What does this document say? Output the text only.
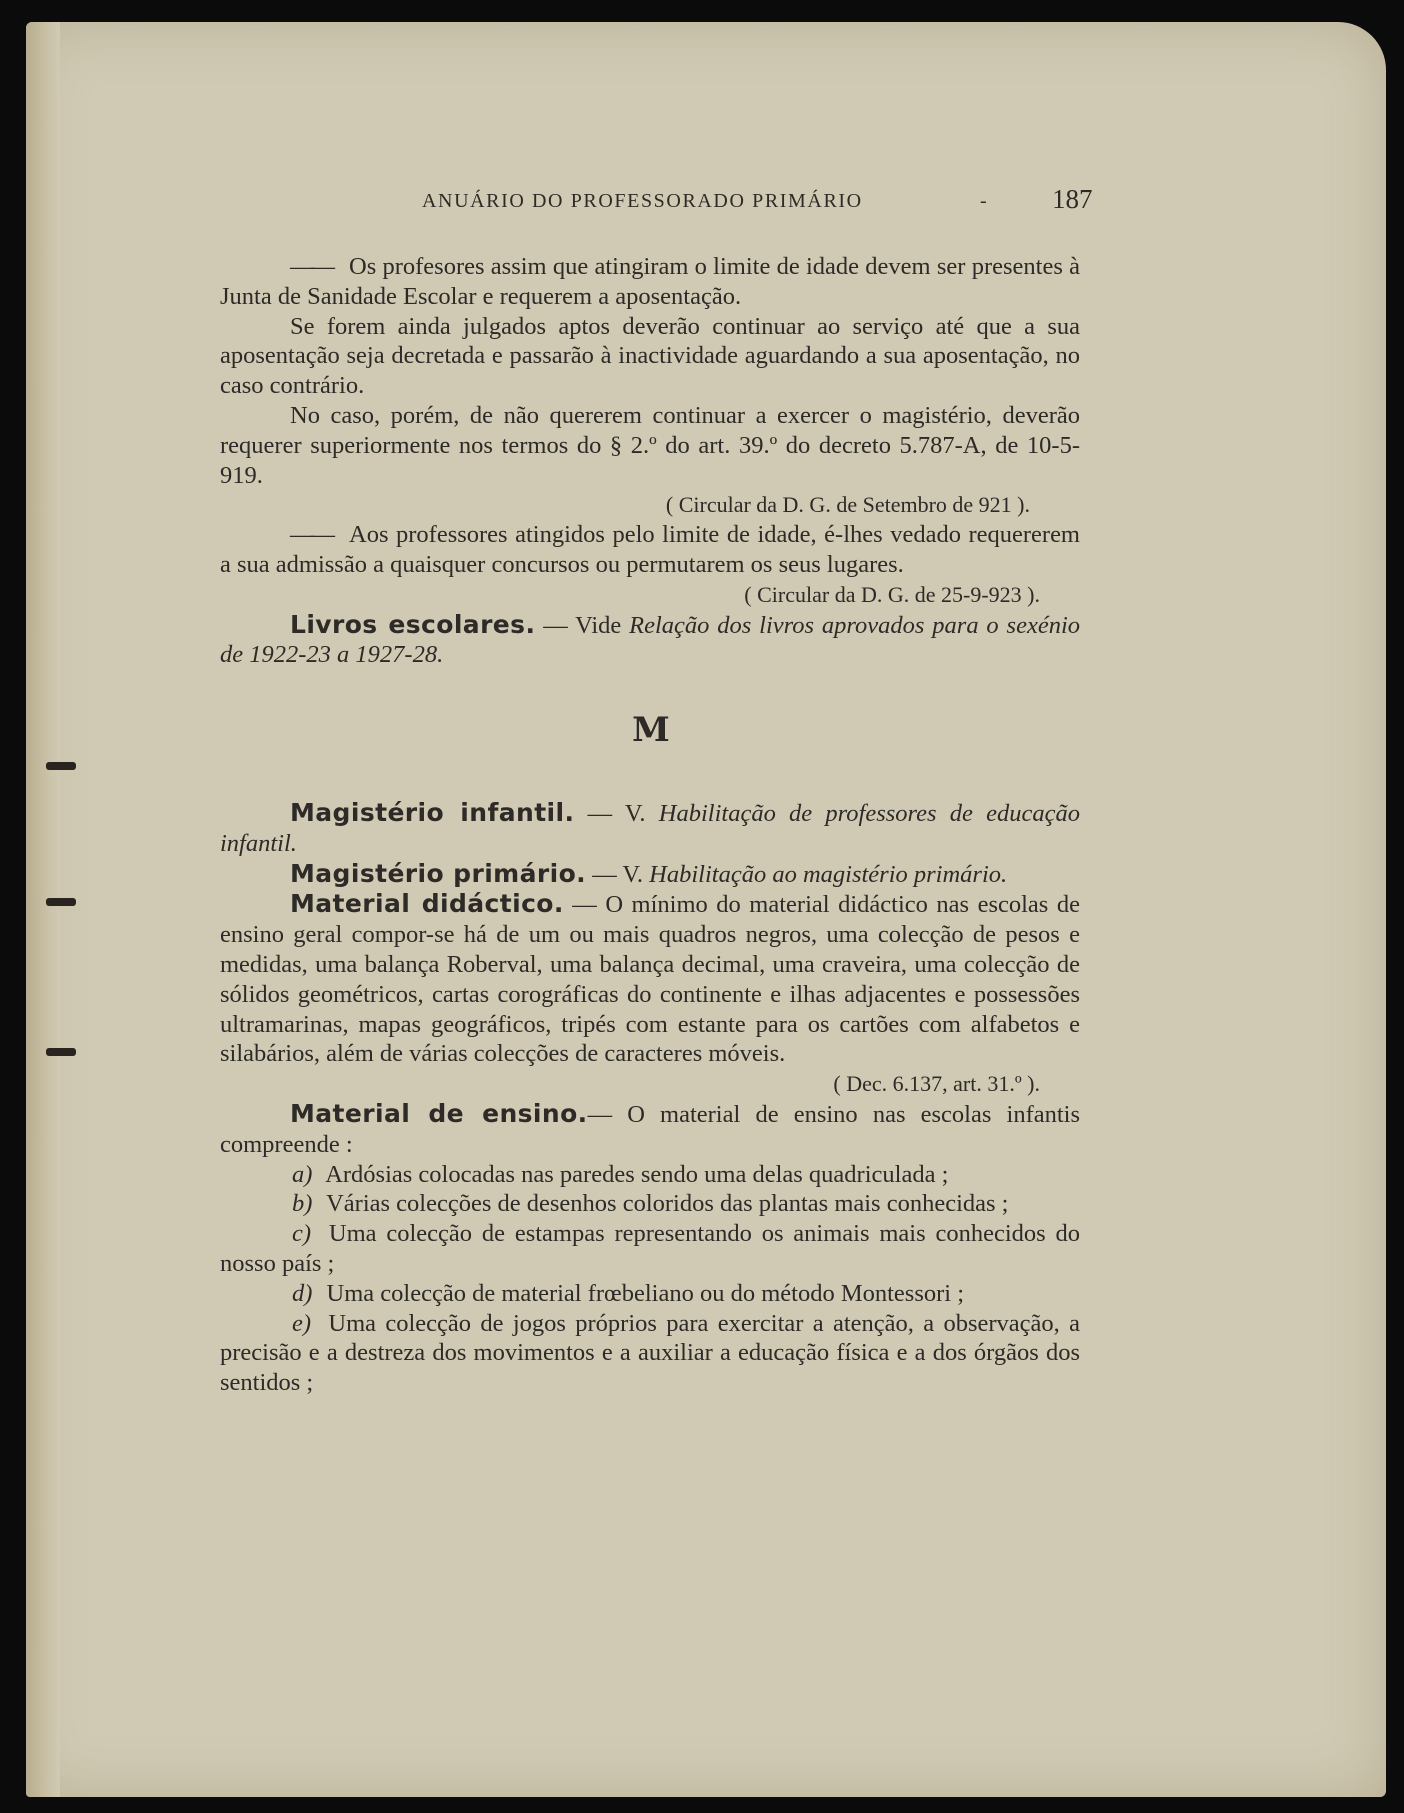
ANUÁRIO DO PROFESSORADO PRIMÁRIO	- 187

—— Os profesores assim que atingiram o limite de idade devem ser presentes à Junta de Sanidade Escolar e requerem a aposentação.

Se forem ainda julgados aptos deverão continuar ao serviço até que a sua aposentação seja decretada e passarão à inactividade aguardando a sua aposentação, no caso contrário.

No caso, porém, de não quererem continuar a exercer o magistério, deverão requerer superiormente nos termos do § 2.º do art. 39.º do decreto 5.787-A, de 10-5-919.

( Circular da D. G. de Setembro de 921 ).

—— Aos professores atingidos pelo limite de idade, é-lhes vedado requererem a sua admissão a quaisquer concursos ou permutarem os seus lugares.
( Circular da D. G. de 25-9-923 ).

Livros escolares. — Vide Relação dos livros aprovados para o sexénio de 1922-23 a 1927-28.

M

Magistério infantil. — V. Habilitação de professores de educação infantil.

Magistério primário. — V. Habilitação ao magistério primário.

Material didáctico. — O mínimo do material didáctico nas escolas de ensino geral compor-se há de um ou mais quadros negros, uma colecção de pesos e medidas, uma balança Roberval, uma balança decimal, uma craveira, uma colecção de sólidos geométricos, cartas corográficas do continente e ilhas adjacentes e possessões ultramarinas, mapas geográficos, tripés com estante para os cartões com alfabetos e silabários, além de várias colecções de caracteres móveis.
( Dec. 6.137, art. 31.º ).

Material de ensino.— O material de ensino nas escolas infantis compreende :

a) Ardósias colocadas nas paredes sendo uma delas quadriculada ;

b) Várias colecções de desenhos coloridos das plantas mais conhecidas ;

c) Uma colecção de estampas representando os animais mais conhecidos do nosso país ;

d) Uma colecção de material frœbeliano ou do método Montessori ;

e) Uma colecção de jogos próprios para exercitar a atenção, a observação, a precisão e a destreza dos movimentos e a auxiliar a educação física e a dos órgãos dos sentidos ;
